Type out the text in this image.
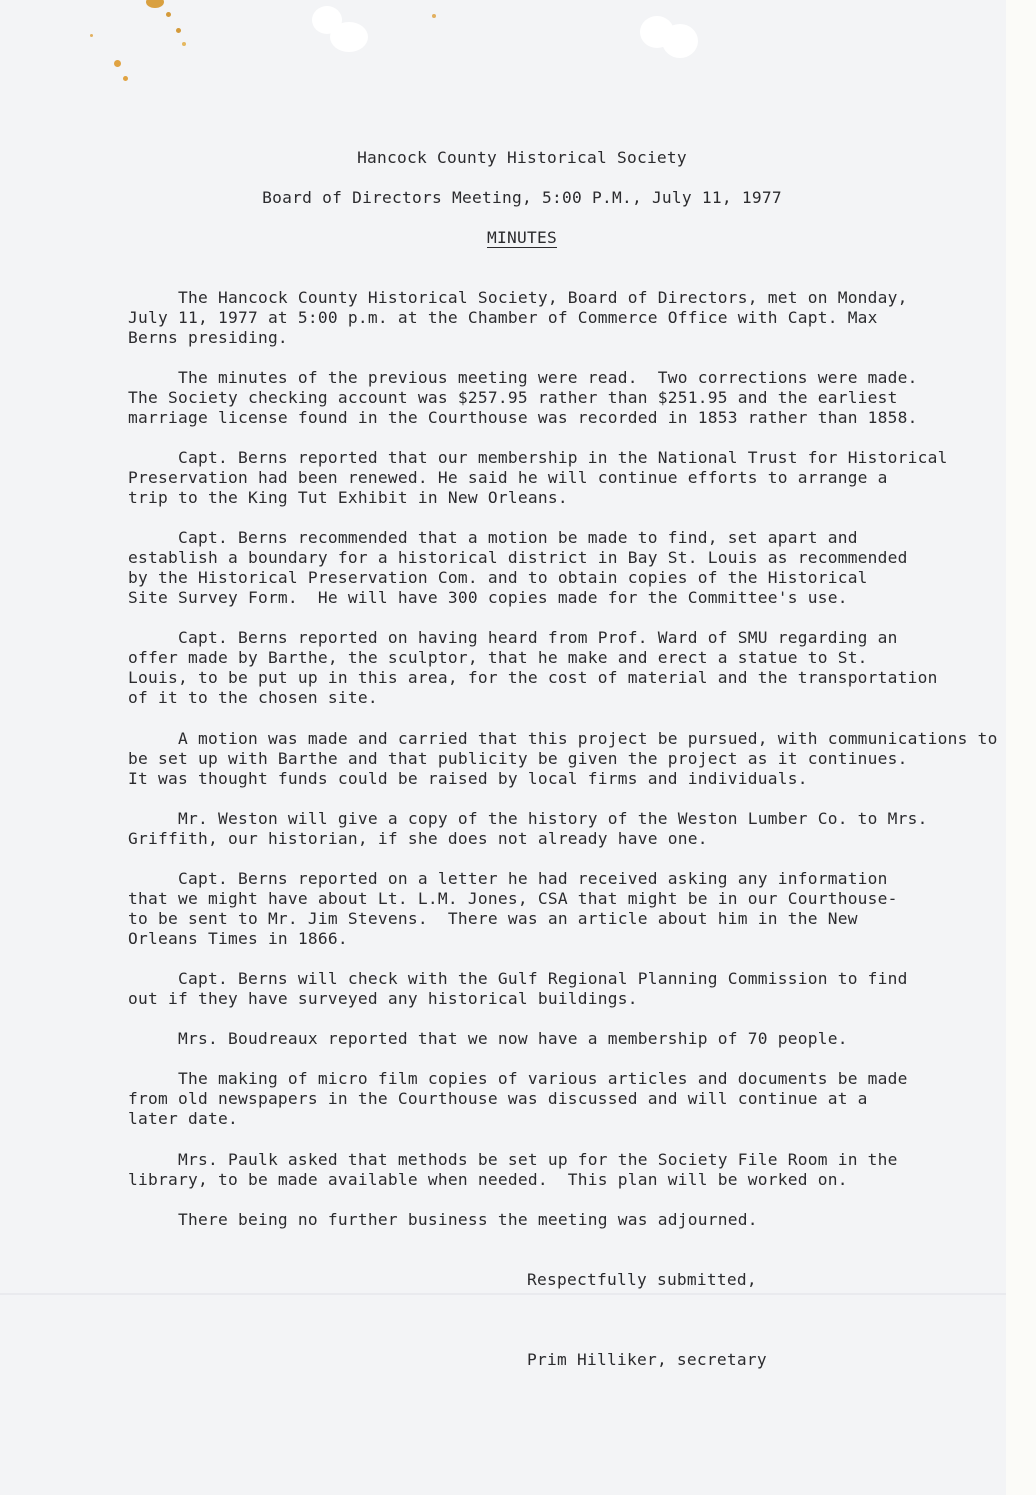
Hancock County Historical Society
Board of Directors Meeting, 5:00 P.M., July 11, 1977
MINUTES
The Hancock County Historical Society, Board of Directors, met on Monday,
July 11, 1977 at 5:00 p.m. at the Chamber of Commerce Office with Capt. Max
Berns presiding.
The minutes of the previous meeting were read.  Two corrections were made.
The Society checking account was $257.95 rather than $251.95 and the earliest
marriage license found in the Courthouse was recorded in 1853 rather than 1858.
Capt. Berns reported that our membership in the National Trust for Historical
Preservation had been renewed. He said he will continue efforts to arrange a
trip to the King Tut Exhibit in New Orleans.
Capt. Berns recommended that a motion be made to find, set apart and
establish a boundary for a historical district in Bay St. Louis as recommended
by the Historical Preservation Com. and to obtain copies of the Historical
Site Survey Form.  He will have 300 copies made for the Committee's use.
Capt. Berns reported on having heard from Prof. Ward of SMU regarding an
offer made by Barthe, the sculptor, that he make and erect a statue to St.
Louis, to be put up in this area, for the cost of material and the transportation
of it to the chosen site.
A motion was made and carried that this project be pursued, with communications to
be set up with Barthe and that publicity be given the project as it continues.
It was thought funds could be raised by local firms and individuals.
Mr. Weston will give a copy of the history of the Weston Lumber Co. to Mrs.
Griffith, our historian, if she does not already have one.
Capt. Berns reported on a letter he had received asking any information
that we might have about Lt. L.M. Jones, CSA that might be in our Courthouse-
to be sent to Mr. Jim Stevens.  There was an article about him in the New
Orleans Times in 1866.
Capt. Berns will check with the Gulf Regional Planning Commission to find
out if they have surveyed any historical buildings.
Mrs. Boudreaux reported that we now have a membership of 70 people.
The making of micro film copies of various articles and documents be made
from old newspapers in the Courthouse was discussed and will continue at a
later date.
Mrs. Paulk asked that methods be set up for the Society File Room in the
library, to be made available when needed.  This plan will be worked on.
There being no further business the meeting was adjourned.
Respectfully submitted,
Prim Hilliker, secretary
